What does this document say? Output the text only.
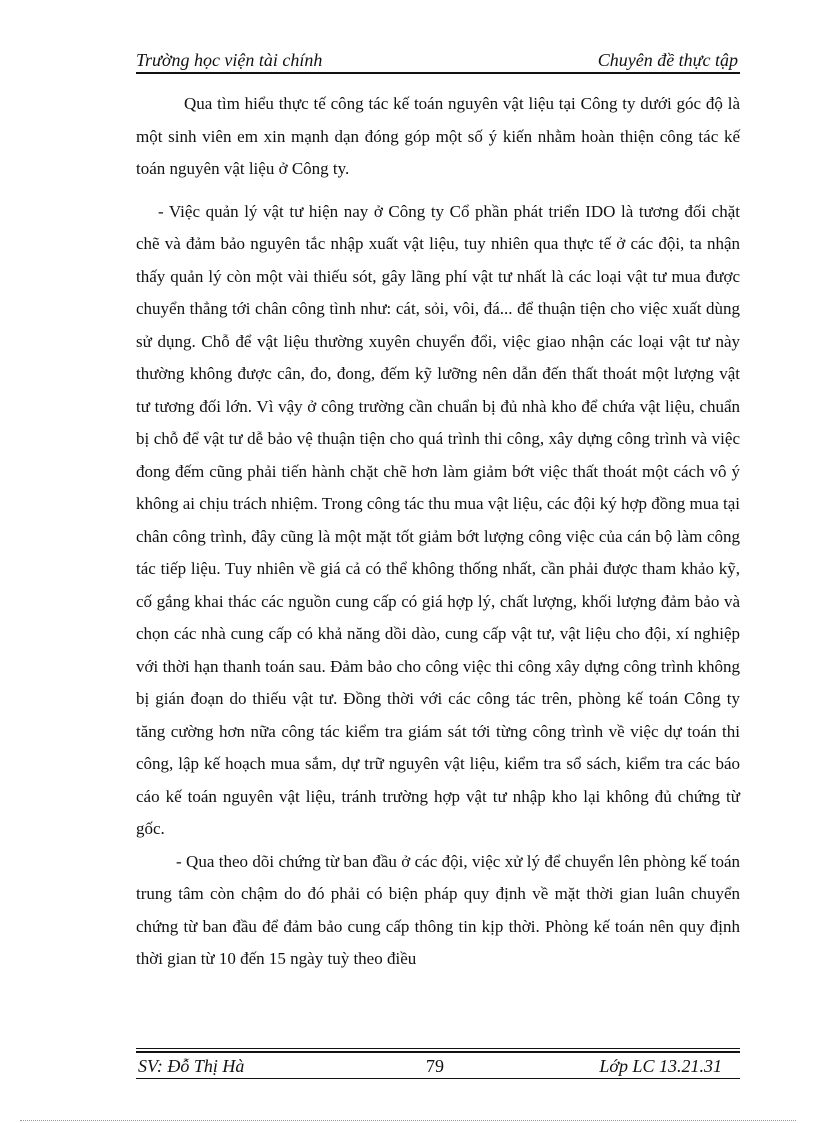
Trường học viện tài chính	Chuyên đề thực tập

Qua tìm hiểu thực tế công tác kế toán nguyên vật liệu tại Công ty dưới góc độ là một sinh viên em xin mạnh dạn đóng góp một số ý kiến nhằm hoàn thiện công tác kế toán nguyên vật liệu ở Công ty.

- Việc quản lý vật tư hiện nay ở Công ty Cổ phần phát triển IDO là tương đối chặt chẽ và đảm bảo nguyên tắc nhập xuất vật liệu, tuy nhiên qua thực tế ở các đội, ta nhận thấy quản lý còn một vài thiếu sót, gây lãng phí vật tư nhất là các loại vật tư mua được chuyển thẳng tới chân công tình như: cát, sỏi, vôi, đá... để thuận tiện cho việc xuất dùng sử dụng. Chỗ để vật liệu thường xuyên chuyển đổi, việc giao nhận các loại vật tư này thường không được cân, đo, đong, đếm kỹ lưỡng nên dẫn đến thất thoát một lượng vật tư tương đối lớn. Vì vậy ở công trường cần chuẩn bị đủ nhà kho để chứa vật liệu, chuẩn bị chỗ để vật tư dễ bảo vệ thuận tiện cho quá trình thi công, xây dựng công trình và việc đong đếm cũng phải tiến hành chặt chẽ hơn làm giảm bớt việc thất thoát một cách vô ý không ai chịu trách nhiệm. Trong công tác thu mua vật liệu, các đội ký hợp đồng mua tại chân công trình, đây cũng là một mặt tốt giảm bớt lượng công việc của cán bộ làm công tác tiếp liệu. Tuy nhiên về giá cả có thể không thống nhất, cần phải được tham khảo kỹ, cố gắng khai thác các nguồn cung cấp có giá hợp lý, chất lượng, khối lượng đảm bảo và chọn các nhà cung cấp có khả năng dồi dào, cung cấp vật tư, vật liệu cho đội, xí nghiệp với thời hạn thanh toán sau. Đảm bảo cho công việc thi công xây dựng công trình không bị gián đoạn do thiếu vật tư. Đồng thời với các công tác trên, phòng kế toán Công ty tăng cường hơn nữa công tác kiểm tra giám sát tới từng công trình về việc dự toán thi công, lập kế hoạch mua sắm, dự trữ nguyên vật liệu, kiểm tra sổ sách, kiểm tra các báo cáo kế toán nguyên vật liệu, tránh trường hợp vật tư nhập kho lại không đủ chứng từ gốc.

- Qua theo dõi chứng từ ban đầu ở các đội, việc xử lý để chuyển lên phòng kế toán trung tâm còn chậm do đó phải có biện pháp quy định về mặt thời gian luân chuyển chứng từ ban đầu để đảm bảo cung cấp thông tin kịp thời. Phòng kế toán nên quy định thời gian từ 10 đến 15 ngày tuỳ theo điều

SV: Đỗ Thị Hà	79	Lớp LC 13.21.31
